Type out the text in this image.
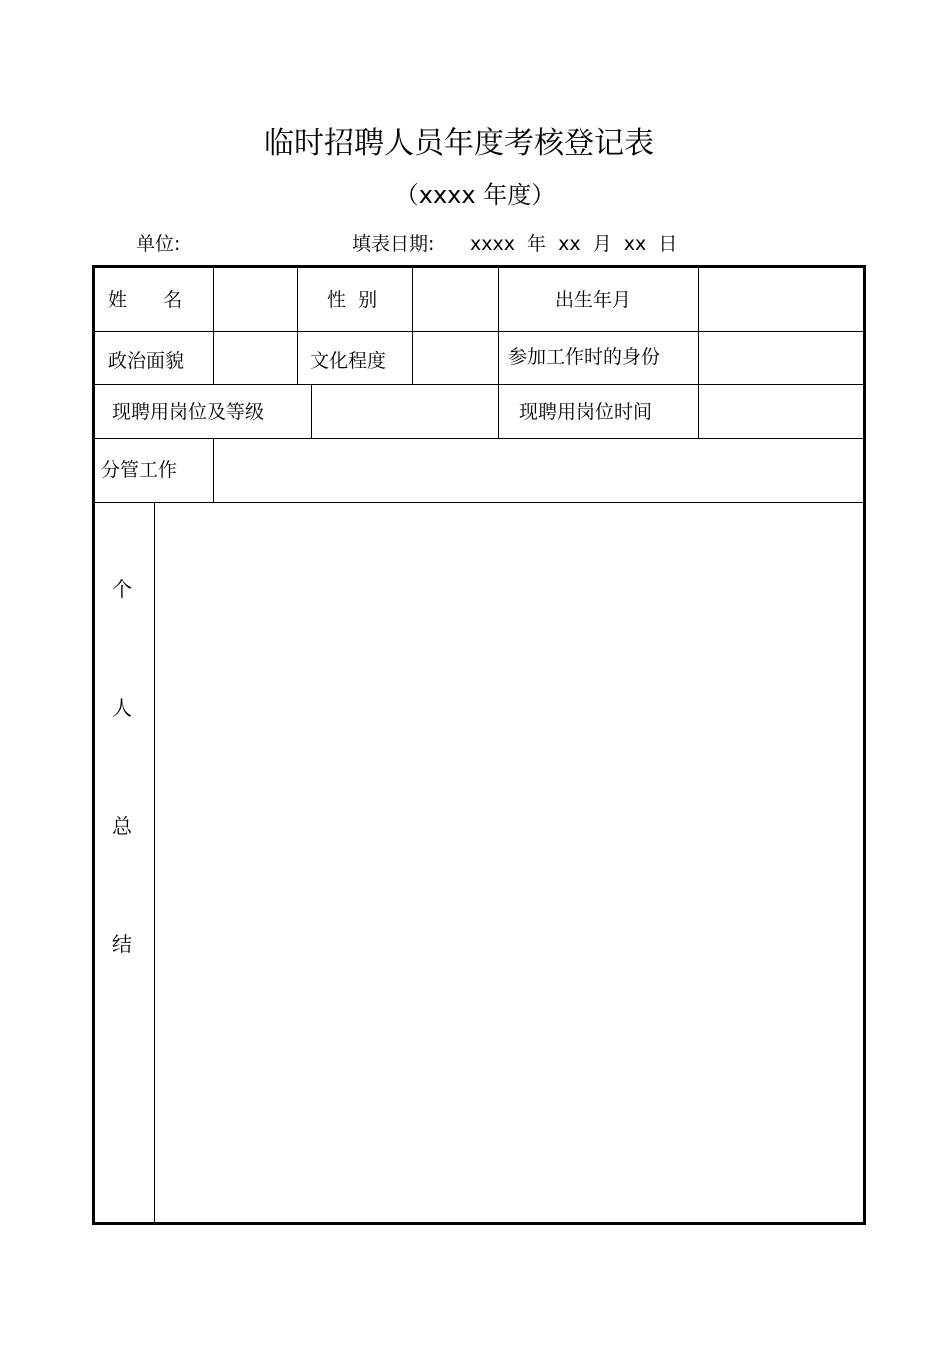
临时招聘人员年度考核登记表
（xxxx 年度）
单位:	填表日期: xxxx  年  xx  月  xx  日
姓      名	性  别	出生年月
政治面貌	文化程度	参加工作时的身份
现聘用岗位及等级	现聘用岗位时间
分管工作
个
人
总
结
